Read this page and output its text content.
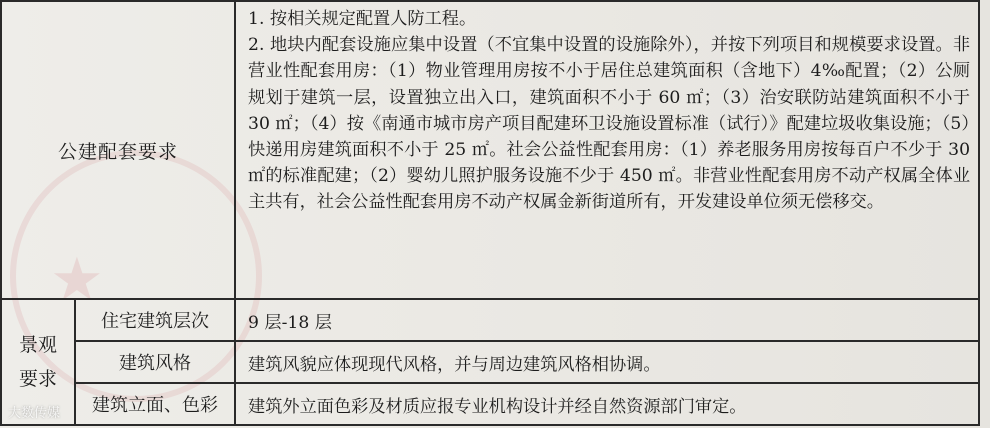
★
公建配套要求		1. 按相关规定配置人防工程。

2. 地块内配套设施应集中设置（不宜集中设置的设施除外），并按下列项目和规模要求设置。非营业性配套用房：（1）物业管理用房按不小于居住总建筑面积（含地下）4‰配置；（2）公厕规划于建筑一层，设置独立出入口，建筑面积不小于 60 ㎡；（3）治安联防站建筑面积不小于 30 ㎡；（4）按《南通市城市房产项目配建环卫设施设置标准（试行）》配建垃圾收集设施；（5）快递用房建筑面积不小于 25 ㎡。社会公益性配套用房：（1）养老服务用房按每百户不少于 30 ㎡的标准配建；（2）婴幼儿照护服务设施不少于 450 ㎡。非营业性配套用房不动产权属全体业主共有，社会公益性配套用房不动产权属金新街道所有，开发建设单位须无偿移交。

景观
要求	住宅建筑层次	9 层-18 层
	建筑风格	建筑风貌应体现现代风格，并与周边建筑风格相协调。
	建筑立面、色彩	建筑外立面色彩及材质应报专业机构设计并经自然资源部门审定。
大数传媒
